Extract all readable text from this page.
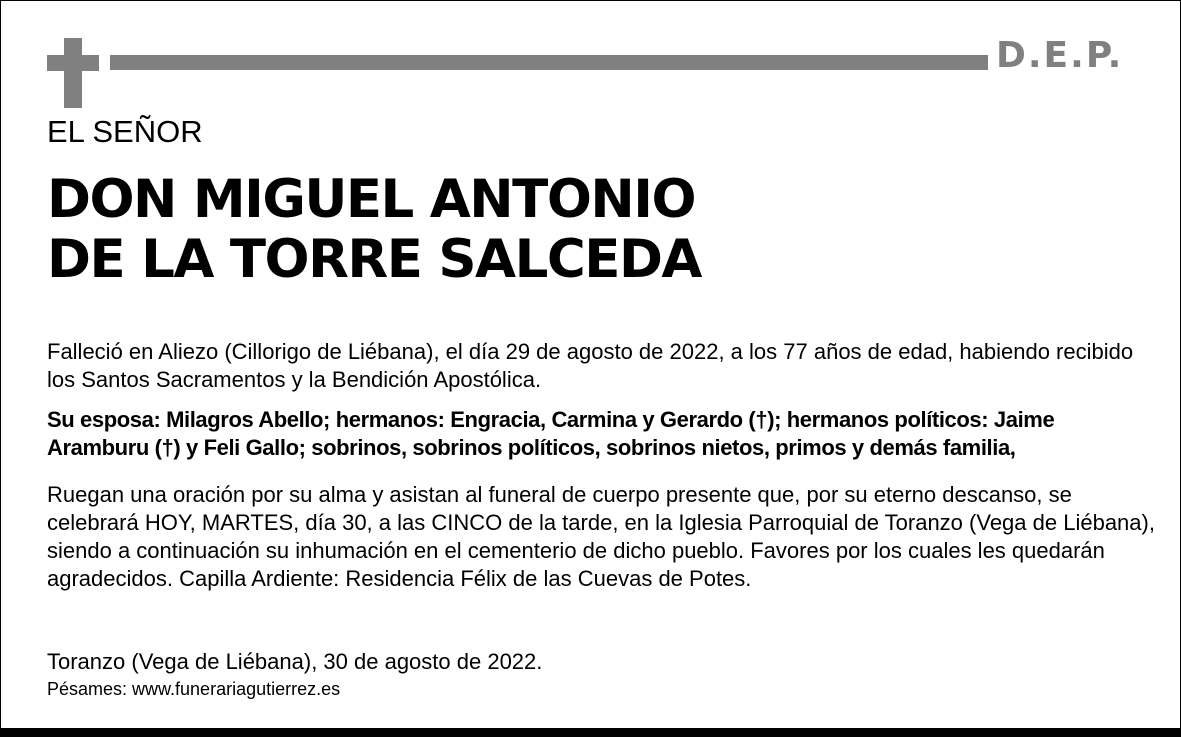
D.E.P.
EL SEÑOR
DON MIGUEL ANTONIO
DE LA TORRE SALCEDA
Falleció en Aliezo (Cillorigo de Liébana), el día 29 de agosto de 2022, a los 77 años de edad, habiendo recibido los Santos Sacramentos y la Bendición Apostólica.
Su esposa: Milagros Abello; hermanos: Engracia, Carmina y Gerardo (†); hermanos políticos: Jaime Aramburu (†) y Feli Gallo; sobrinos, sobrinos políticos, sobrinos nietos, primos y demás familia,
Ruegan una oración por su alma y asistan al funeral de cuerpo presente que, por su eterno descanso, se celebrará HOY, MARTES, día 30, a las CINCO de la tarde, en la Iglesia Parroquial de Toranzo (Vega de Liébana), siendo a continuación su inhumación en el cementerio de dicho pueblo. Favores por los cuales les quedarán agradecidos. Capilla Ardiente: Residencia Félix de las Cuevas de Potes.
Toranzo (Vega de Liébana), 30 de agosto de 2022.
Pésames: www.funerariagutierrez.es
